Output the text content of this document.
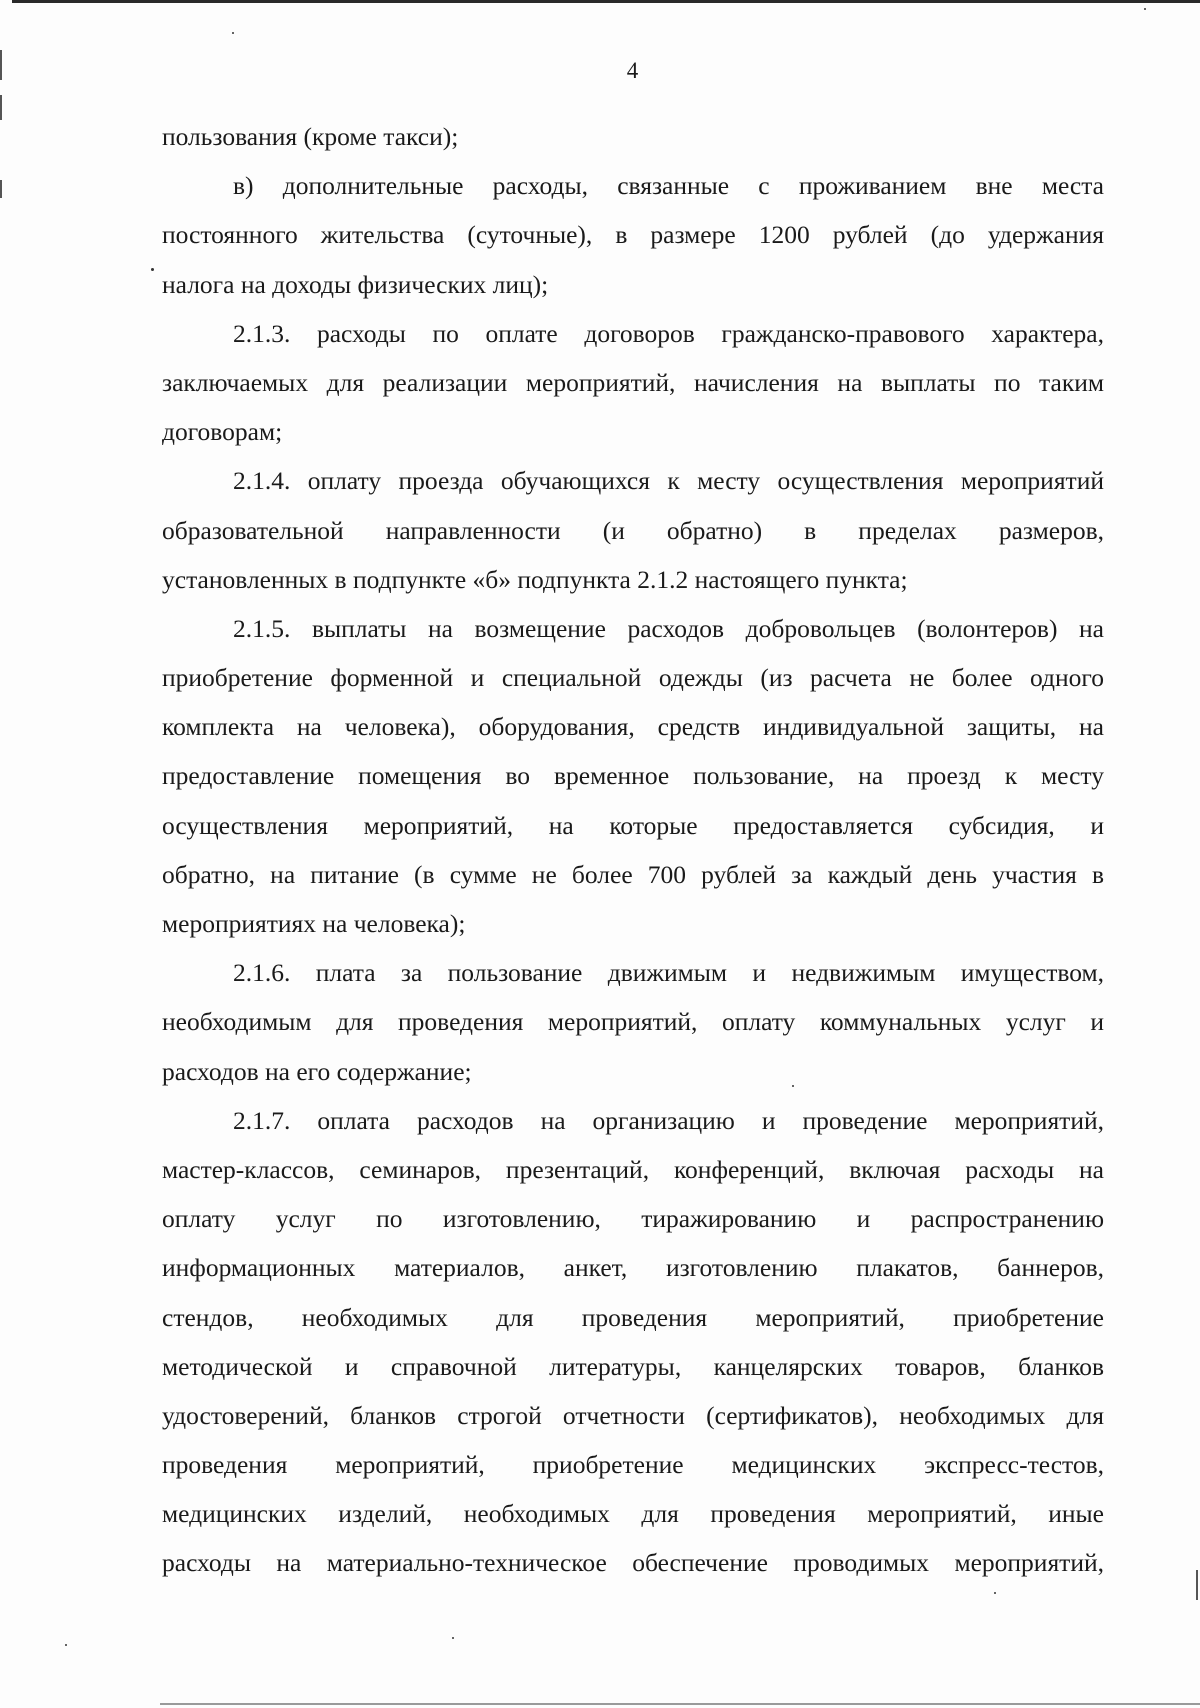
4
пользования (кроме такси);
в) дополнительные расходы, связанные с проживанием вне места
постоянного жительства (суточные), в размере 1200 рублей (до удержания
налога на доходы физических лиц);
2.1.3. расходы по оплате договоров гражданско-правового характера,
заключаемых для реализации мероприятий, начисления на выплаты по таким
договорам;
2.1.4. оплату проезда обучающихся к месту осуществления мероприятий
образовательной направленности (и обратно) в пределах размеров,
установленных в подпункте «б» подпункта 2.1.2 настоящего пункта;
2.1.5. выплаты на возмещение расходов добровольцев (волонтеров) на
приобретение форменной и специальной одежды (из расчета не более одного
комплекта на человека), оборудования, средств индивидуальной защиты, на
предоставление помещения во временное пользование, на проезд к месту
осуществления мероприятий, на которые предоставляется субсидия, и
обратно, на питание (в сумме не более 700 рублей за каждый день участия в
мероприятиях на человека);
2.1.6. плата за пользование движимым и недвижимым имуществом,
необходимым для проведения мероприятий, оплату коммунальных услуг и
расходов на его содержание;
2.1.7. оплата расходов на организацию и проведение мероприятий,
мастер-классов, семинаров, презентаций, конференций, включая расходы на
оплату услуг по изготовлению, тиражированию и распространению
информационных материалов, анкет, изготовлению плакатов, баннеров,
стендов, необходимых для проведения мероприятий, приобретение
методической и справочной литературы, канцелярских товаров, бланков
удостоверений, бланков строгой отчетности (сертификатов), необходимых для
проведения мероприятий, приобретение медицинских экспресс-тестов,
медицинских изделий, необходимых для проведения мероприятий, иные
расходы на материально-техническое обеспечение проводимых мероприятий,
